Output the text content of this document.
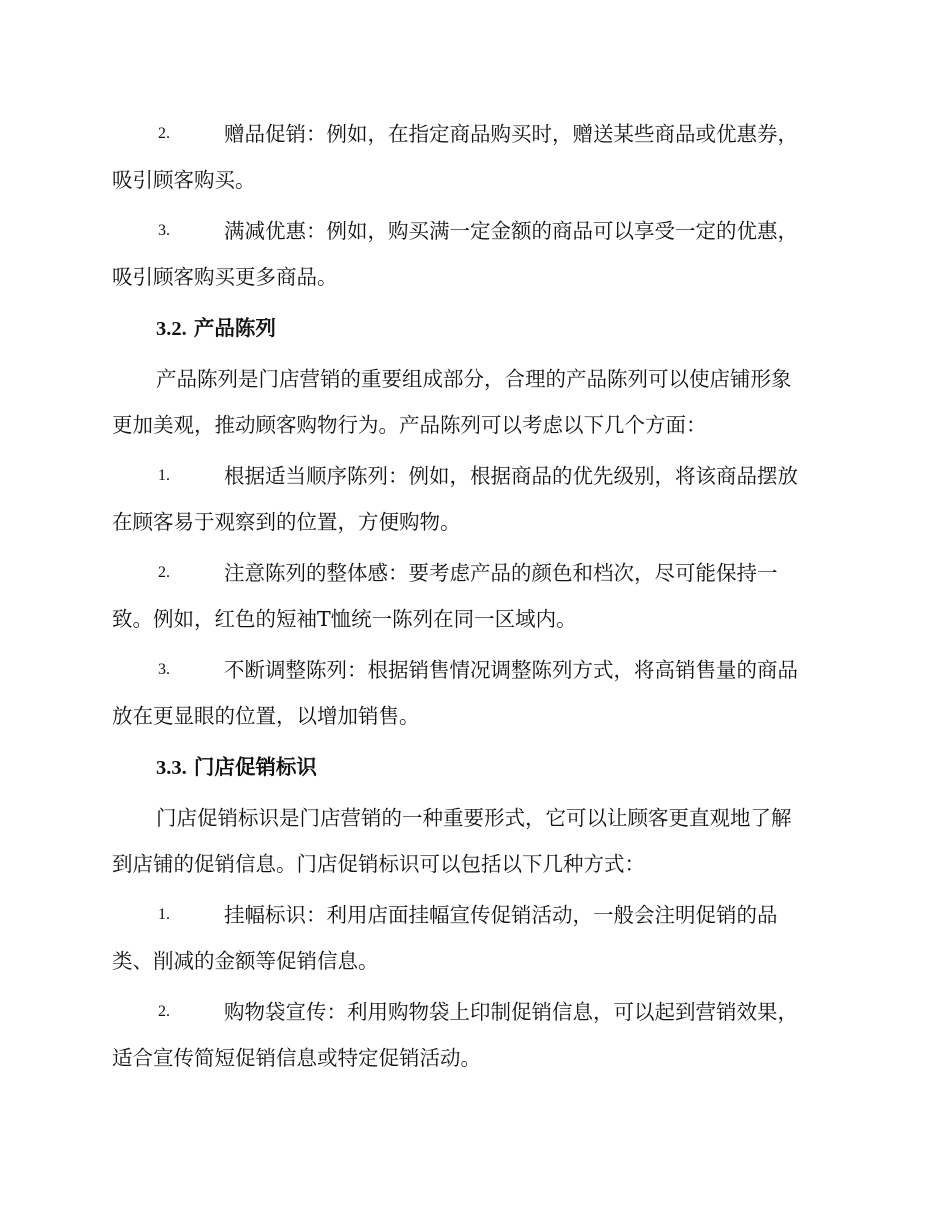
2.	赠品促销：例如，在指定商品购买时，赠送某些商品或优惠券，
吸引顾客购买。
3.	满减优惠：例如，购买满一定金额的商品可以享受一定的优惠，
吸引顾客购买更多商品。
3.2. 产品陈列
产品陈列是门店营销的重要组成部分，合理的产品陈列可以使店铺形象
更加美观，推动顾客购物行为。产品陈列可以考虑以下几个方面：
1.	根据适当顺序陈列：例如，根据商品的优先级别，将该商品摆放
在顾客易于观察到的位置，方便购物。
2.	注意陈列的整体感：要考虑产品的颜色和档次，尽可能保持一
致。例如，红色的短袖T恤统一陈列在同一区域内。
3.	不断调整陈列：根据销售情况调整陈列方式，将高销售量的商品
放在更显眼的位置，以增加销售。
3.3. 门店促销标识
门店促销标识是门店营销的一种重要形式，它可以让顾客更直观地了解
到店铺的促销信息。门店促销标识可以包括以下几种方式：
1.	挂幅标识：利用店面挂幅宣传促销活动，一般会注明促销的品
类、削减的金额等促销信息。
2.	购物袋宣传：利用购物袋上印制促销信息，可以起到营销效果，
适合宣传简短促销信息或特定促销活动。
